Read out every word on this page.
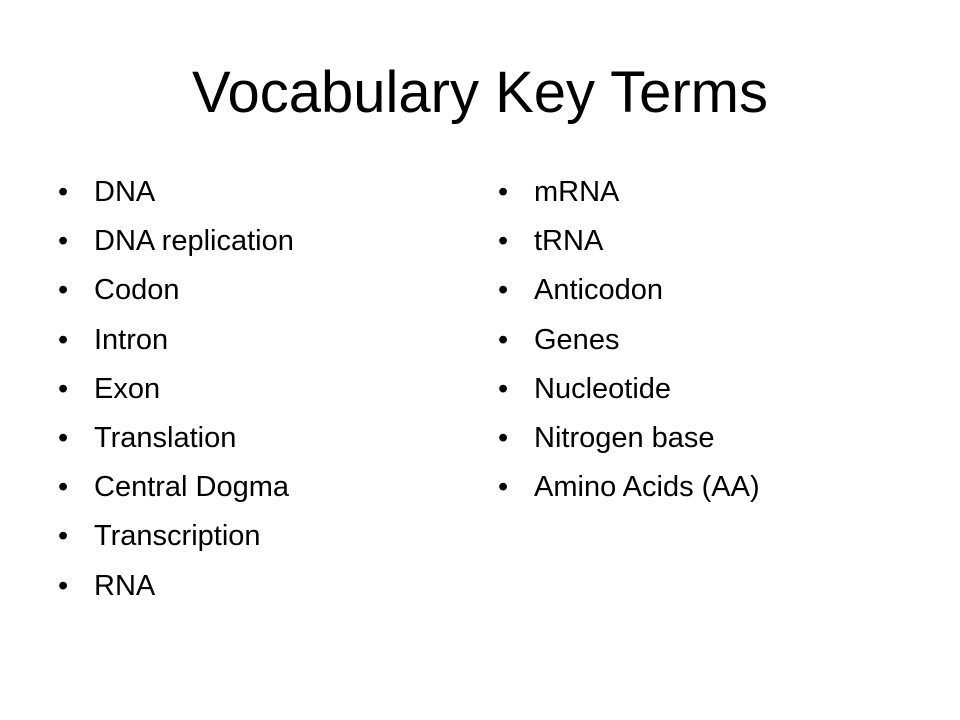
Vocabulary Key Terms
• DNA
• DNA replication
• Codon
• Intron
• Exon
• Translation
• Central Dogma
• Transcription
• RNA
• mRNA
• tRNA
• Anticodon
• Genes
• Nucleotide
• Nitrogen base
• Amino Acids (AA)
